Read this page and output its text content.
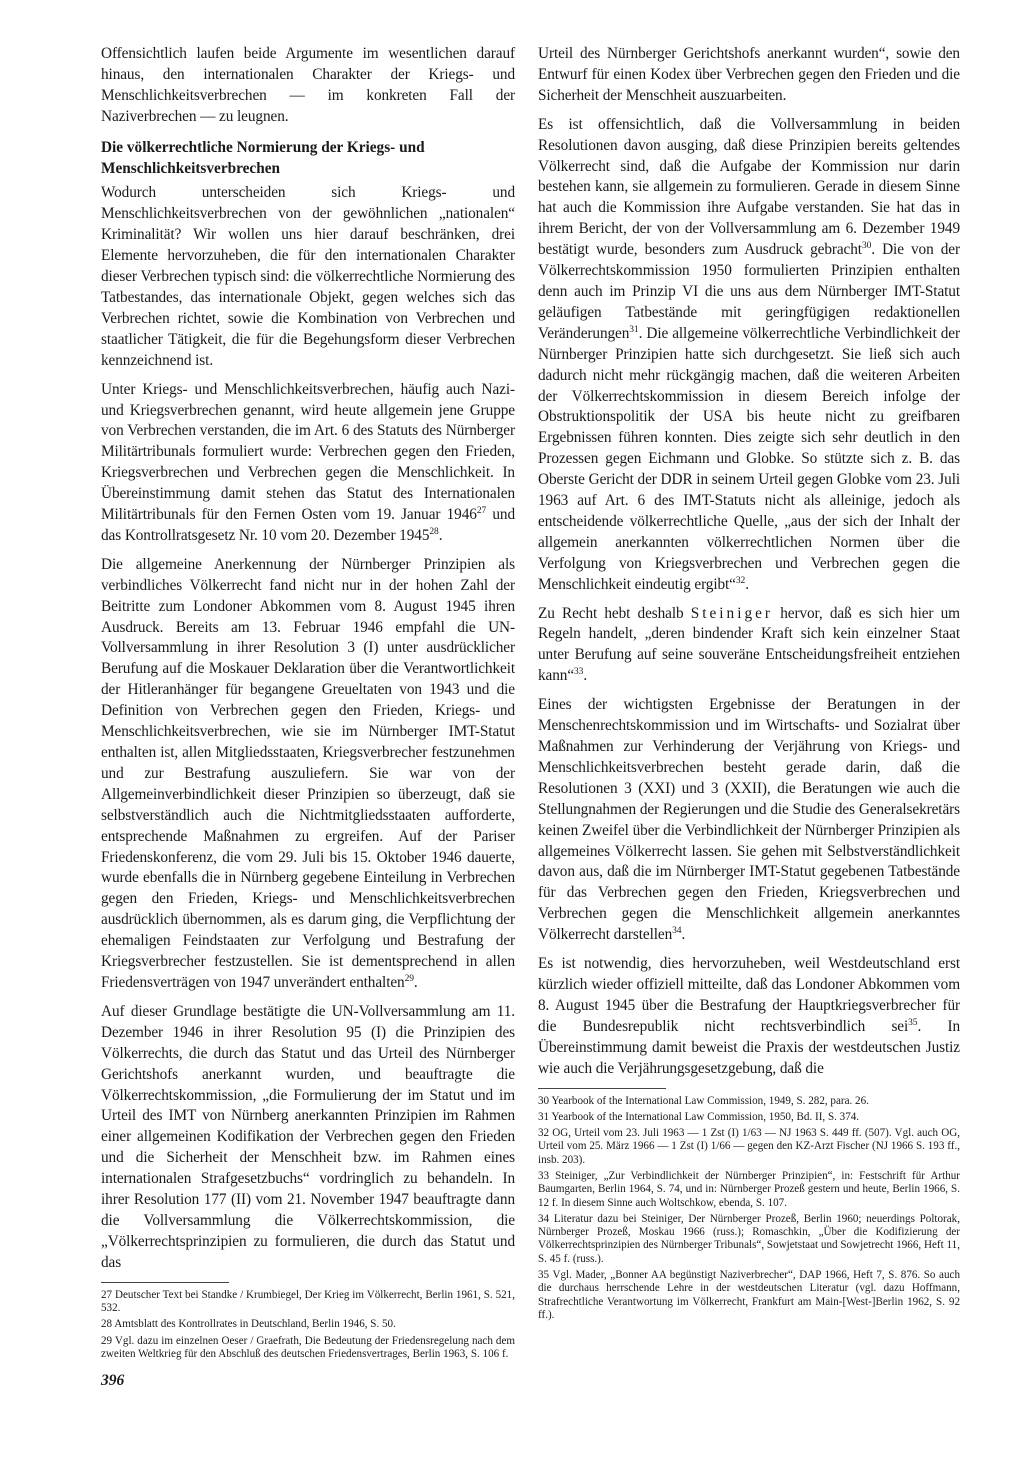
Offensichtlich laufen beide Argumente im wesentlichen darauf hinaus, den internationalen Charakter der Kriegs- und Menschlichkeitsverbrechen — im konkreten Fall der Naziverbrechen — zu leugnen.
Die völkerrechtliche Normierung der Kriegs- und Menschlichkeitsverbrechen
Wodurch unterscheiden sich Kriegs- und Menschlichkeitsverbrechen von der gewöhnlichen „nationalen“ Kriminalität? Wir wollen uns hier darauf beschränken, drei Elemente hervorzuheben, die für den internationalen Charakter dieser Verbrechen typisch sind: die völkerrechtliche Normierung des Tatbestandes, das internationale Objekt, gegen welches sich das Verbrechen richtet, sowie die Kombination von Verbrechen und staatlicher Tätigkeit, die für die Begehungsform dieser Verbrechen kennzeichnend ist.
Unter Kriegs- und Menschlichkeitsverbrechen, häufig auch Nazi- und Kriegsverbrechen genannt, wird heute allgemein jene Gruppe von Verbrechen verstanden, die im Art. 6 des Statuts des Nürnberger Militärtribunals formuliert wurde: Verbrechen gegen den Frieden, Kriegsverbrechen und Verbrechen gegen die Menschlichkeit. In Übereinstimmung damit stehen das Statut des Internationalen Militärtribunals für den Fernen Osten vom 19. Januar 1946$^{27}$ und das Kontrollratsgesetz Nr. 10 vom 20. Dezember 1945$^{28}$.
Die allgemeine Anerkennung der Nürnberger Prinzipien als verbindliches Völkerrecht fand nicht nur in der hohen Zahl der Beitritte zum Londoner Abkommen vom 8. August 1945 ihren Ausdruck. Bereits am 13. Februar 1946 empfahl die UN-Vollversammlung in ihrer Resolution 3 (I) unter ausdrücklicher Berufung auf die Moskauer Deklaration über die Verantwortlichkeit der Hitleranhänger für begangene Greueltaten von 1943 und die Definition von Verbrechen gegen den Frieden, Kriegs- und Menschlichkeitsverbrechen, wie sie im Nürnberger IMT-Statut enthalten ist, allen Mitgliedsstaaten, Kriegsverbrecher festzunehmen und zur Bestrafung auszuliefern. Sie war von der Allgemeinverbindlichkeit dieser Prinzipien so überzeugt, daß sie selbstverständlich auch die Nichtmitgliedsstaaten aufforderte, entsprechende Maßnahmen zu ergreifen. Auf der Pariser Friedenskonferenz, die vom 29. Juli bis 15. Oktober 1946 dauerte, wurde ebenfalls die in Nürnberg gegebene Einteilung in Verbrechen gegen den Frieden, Kriegs- und Menschlichkeitsverbrechen ausdrücklich übernommen, als es darum ging, die Verpflichtung der ehemaligen Feindstaaten zur Verfolgung und Bestrafung der Kriegsverbrecher festzustellen. Sie ist dementsprechend in allen Friedensverträgen von 1947 unverändert enthalten$^{29}$.
Auf dieser Grundlage bestätigte die UN-Vollversammlung am 11. Dezember 1946 in ihrer Resolution 95 (I) die Prinzipien des Völkerrechts, die durch das Statut und das Urteil des Nürnberger Gerichtshofs anerkannt wurden, und beauftragte die Völkerrechtskommission, „die Formulierung der im Statut und im Urteil des IMT von Nürnberg anerkannten Prinzipien im Rahmen einer allgemeinen Kodifikation der Verbrechen gegen den Frieden und die Sicherheit der Menschheit bzw. im Rahmen eines internationalen Strafgesetzbuchs“ vordringlich zu behandeln. In ihrer Resolution 177 (II) vom 21. November 1947 beauftragte dann die Vollversammlung die Völkerrechtskommission, die „Völkerrechtsprinzipien zu formulieren, die durch das Statut und das
27 Deutscher Text bei Standke / Krumbiegel, Der Krieg im Völkerrecht, Berlin 1961, S. 521, 532.
28 Amtsblatt des Kontrollrates in Deutschland, Berlin 1946, S. 50.
29 Vgl. dazu im einzelnen Oeser / Graefrath, Die Bedeutung der Friedensregelung nach dem zweiten Weltkrieg für den Abschluß des deutschen Friedensvertrages, Berlin 1963, S. 106 f.
Urteil des Nürnberger Gerichtshofs anerkannt wurden“, sowie den Entwurf für einen Kodex über Verbrechen gegen den Frieden und die Sicherheit der Menschheit auszuarbeiten.
Es ist offensichtlich, daß die Vollversammlung in beiden Resolutionen davon ausging, daß diese Prinzipien bereits geltendes Völkerrecht sind, daß die Aufgabe der Kommission nur darin bestehen kann, sie allgemein zu formulieren. Gerade in diesem Sinne hat auch die Kommission ihre Aufgabe verstanden. Sie hat das in ihrem Bericht, der von der Vollversammlung am 6. Dezember 1949 bestätigt wurde, besonders zum Ausdruck gebracht$^{30}$. Die von der Völkerrechtskommission 1950 formulierten Prinzipien enthalten denn auch im Prinzip VI die uns aus dem Nürnberger IMT-Statut geläufigen Tatbestände mit geringfügigen redaktionellen Veränderungen$^{31}$. Die allgemeine völkerrechtliche Verbindlichkeit der Nürnberger Prinzipien hatte sich durchgesetzt. Sie ließ sich auch dadurch nicht mehr rückgängig machen, daß die weiteren Arbeiten der Völkerrechtskommission in diesem Bereich infolge der Obstruktionspolitik der USA bis heute nicht zu greifbaren Ergebnissen führen konnten. Dies zeigte sich sehr deutlich in den Prozessen gegen Eichmann und Globke. So stützte sich z. B. das Oberste Gericht der DDR in seinem Urteil gegen Globke vom 23. Juli 1963 auf Art. 6 des IMT-Statuts nicht als alleinige, jedoch als entscheidende völkerrechtliche Quelle, „aus der sich der Inhalt der allgemein anerkannten völkerrechtlichen Normen über die Verfolgung von Kriegsverbrechen und Verbrechen gegen die Menschlichkeit eindeutig ergibt“$^{32}$.
Zu Recht hebt deshalb Steiniger hervor, daß es sich hier um Regeln handelt, „deren bindender Kraft sich kein einzelner Staat unter Berufung auf seine souveräne Entscheidungsfreiheit entziehen kann“$^{33}$.
Eines der wichtigsten Ergebnisse der Beratungen in der Menschenrechtskommission und im Wirtschafts- und Sozialrat über Maßnahmen zur Verhinderung der Verjährung von Kriegs- und Menschlichkeitsverbrechen besteht gerade darin, daß die Resolutionen 3 (XXI) und 3 (XXII), die Beratungen wie auch die Stellungnahmen der Regierungen und die Studie des Generalsekretärs keinen Zweifel über die Verbindlichkeit der Nürnberger Prinzipien als allgemeines Völkerrecht lassen. Sie gehen mit Selbstverständlichkeit davon aus, daß die im Nürnberger IMT-Statut gegebenen Tatbestände für das Verbrechen gegen den Frieden, Kriegsverbrechen und Verbrechen gegen die Menschlichkeit allgemein anerkanntes Völkerrecht darstellen$^{34}$.
Es ist notwendig, dies hervorzuheben, weil Westdeutschland erst kürzlich wieder offiziell mitteilte, daß das Londoner Abkommen vom 8. August 1945 über die Bestrafung der Hauptkriegsverbrecher für die Bundesrepublik nicht rechtsverbindlich sei$^{35}$. In Übereinstimmung damit beweist die Praxis der westdeutschen Justiz wie auch die Verjährungsgesetzgebung, daß die
30 Yearbook of the International Law Commission, 1949, S. 282, para. 26.
31 Yearbook of the International Law Commission, 1950, Bd. II, S. 374.
32 OG, Urteil vom 23. Juli 1963 — 1 Zst (I) 1/63 — NJ 1963 S. 449 ff. (507). Vgl. auch OG, Urteil vom 25. März 1966 — 1 Zst (I) 1/66 — gegen den KZ-Arzt Fischer (NJ 1966 S. 193 ff., insb. 203).
33 Steiniger, „Zur Verbindlichkeit der Nürnberger Prinzipien“, in: Festschrift für Arthur Baumgarten, Berlin 1964, S. 74, und in: Nürnberger Prozeß gestern und heute, Berlin 1966, S. 12 f. In diesem Sinne auch Woltschkow, ebenda, S. 107.
34 Literatur dazu bei Steiniger, Der Nürnberger Prozeß, Berlin 1960; neuerdings Poltorak, Nürnberger Prozeß, Moskau 1966 (russ.); Romaschkin, „Über die Kodifizierung der Völkerrechtsprinzipien des Nürnberger Tribunals“, Sowjetstaat und Sowjetrecht 1966, Heft 11, S. 45 f. (russ.).
35 Vgl. Mader, „Bonner AA begünstigt Naziverbrecher“, DAP 1966, Heft 7, S. 876. So auch die durchaus herrschende Lehre in der westdeutschen Literatur (vgl. dazu Hoffmann, Strafrechtliche Verantwortung im Völkerrecht, Frankfurt am Main-[West-]Berlin 1962, S. 92 ff.).
396
